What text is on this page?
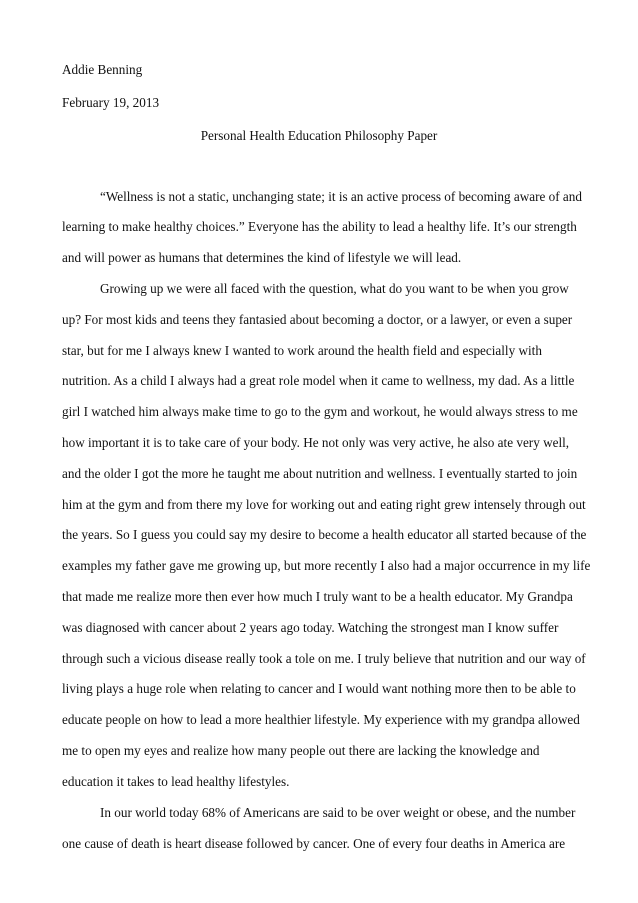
Addie Benning
February 19, 2013
Personal Health Education Philosophy Paper
“Wellness is not a static, unchanging state; it is an active process of becoming aware of and
learning to make healthy choices.” Everyone has the ability to lead a healthy life. It’s our strength
and will power as humans that determines the kind of lifestyle we will lead.
Growing up we were all faced with the question, what do you want to be when you grow
up? For most kids and teens they fantasied about becoming a doctor, or a lawyer, or even a super
star, but for me I always knew I wanted to work around the health field and especially with
nutrition. As a child I always had a great role model when it came to wellness, my dad. As a little
girl I watched him always make time to go to the gym and workout, he would always stress to me
how important it is to take care of your body. He not only was very active, he also ate very well,
and the older I got the more he taught me about nutrition and wellness. I eventually started to join
him at the gym and from there my love for working out and eating right grew intensely through out
the years. So I guess you could say my desire to become a health educator all started because of the
examples my father gave me growing up, but more recently I also had a major occurrence in my life
that made me realize more then ever how much I truly want to be a health educator. My Grandpa
was diagnosed with cancer about 2 years ago today. Watching the strongest man I know suffer
through such a vicious disease really took a tole on me. I truly believe that nutrition and our way of
living plays a huge role when relating to cancer and I would want nothing more then to be able to
educate people on how to lead a more healthier lifestyle. My experience with my grandpa allowed
me to open my eyes and realize how many people out there are lacking the knowledge and
education it takes to lead healthy lifestyles.
In our world today 68% of Americans are said to be over weight or obese, and the number
one cause of death is heart disease followed by cancer. One of every four deaths in America are
